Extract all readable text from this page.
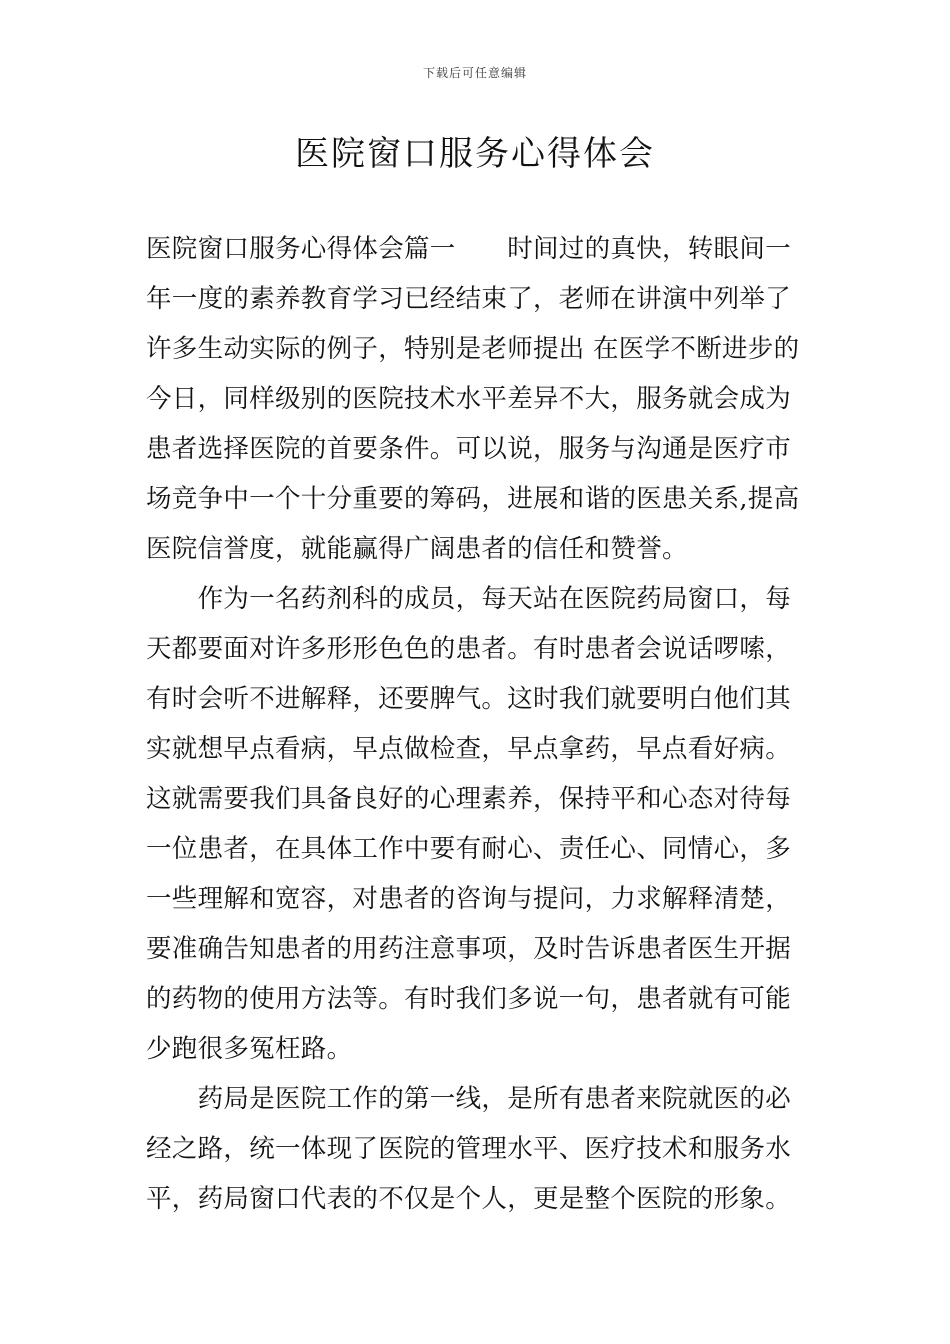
下载后可任意编辑
医院窗口服务心得体会
医院窗口服务心得体会篇一　　时间过的真快，转眼间一
年一度的素养教育学习已经结束了，老师在讲演中列举了
许多生动实际的例子，特别是老师提出 在医学不断进步的
今日，同样级别的医院技术水平差异不大，服务就会成为
患者选择医院的首要条件。可以说，服务与沟通是医疗市
场竞争中一个十分重要的筹码，进展和谐的医患关系,提高
医院信誉度，就能赢得广阔患者的信任和赞誉。
　　作为一名药剂科的成员，每天站在医院药局窗口，每
天都要面对许多形形色色的患者。有时患者会说话啰嗦，
有时会听不进解释，还要脾气。这时我们就要明白他们其
实就想早点看病，早点做检查，早点拿药，早点看好病。
这就需要我们具备良好的心理素养，保持平和心态对待每
一位患者，在具体工作中要有耐心、责任心、同情心，多
一些理解和宽容，对患者的咨询与提问，力求解释清楚，
要准确告知患者的用药注意事项，及时告诉患者医生开据
的药物的使用方法等。有时我们多说一句，患者就有可能
少跑很多冤枉路。
　　药局是医院工作的第一线，是所有患者来院就医的必
经之路，统一体现了医院的管理水平、医疗技术和服务水
平，药局窗口代表的不仅是个人，更是整个医院的形象。
